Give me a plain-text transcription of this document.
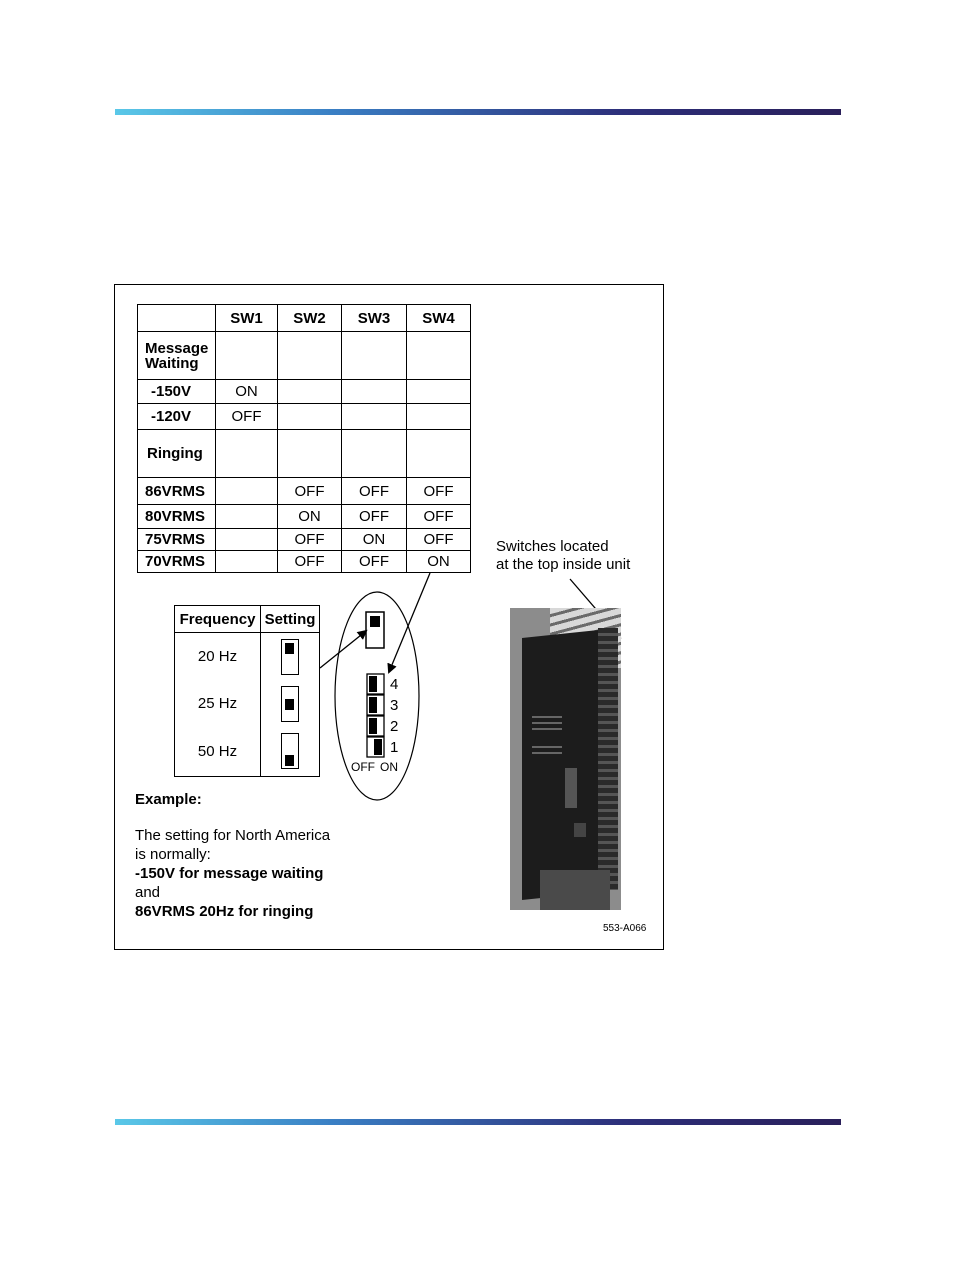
	SW1	SW2	SW3	SW4
Message Waiting				
-150V	ON			
-120V	OFF			
Ringing				
86VRMS		OFF	OFF	OFF
80VRMS		ON	OFF	OFF
75VRMS		OFF	ON	OFF
70VRMS		OFF	OFF	ON
Frequency	Setting
20 Hz	

25 Hz	

50 Hz	
4
3
2
1
OFF ON
Switches located
at the top inside unit
Example:
The setting for North America
is normally:
-150V for message waiting
and
86VRMS 20Hz for ringing
553-A066
